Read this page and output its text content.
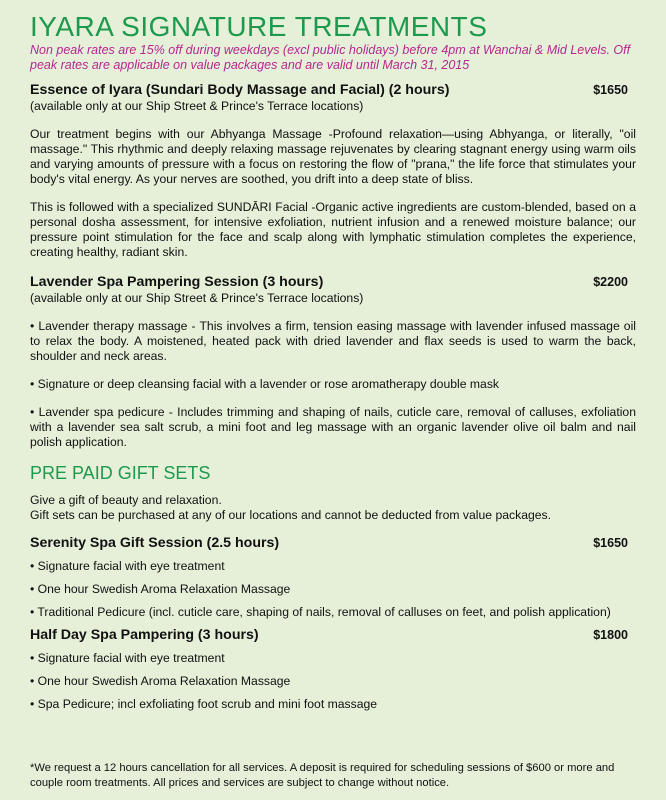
IYARA SIGNATURE TREATMENTS

Non peak rates are 15% off during weekdays (excl public holidays) before 4pm at Wanchai & Mid Levels. Off peak rates are applicable on value packages and are valid until March 31, 2015

Essence of Iyara (Sundari Body Massage and Facial) (2 hours)	$1650

(available only at our Ship Street & Prince's Terrace locations)

Our treatment begins with our Abhyanga Massage -Profound relaxation—using Abhyanga, or literally, "oil massage." This rhythmic and deeply relaxing massage rejuvenates by clearing stagnant energy using warm oils and varying amounts of pressure with a focus on restoring the flow of "prana," the life force that stimulates your body's vital energy. As your nerves are soothed, you drift into a deep state of bliss.

This is followed with a specialized SUNDĀRI Facial -Organic active ingredients are custom-blended, based on a personal dosha assessment, for intensive exfoliation, nutrient infusion and a renewed moisture balance; our pressure point stimulation for the face and scalp along with lymphatic stimulation completes the experience, creating healthy, radiant skin.

Lavender Spa Pampering Session (3 hours)	$2200

(available only at our Ship Street & Prince's Terrace locations)

• Lavender therapy massage - This involves a firm, tension easing massage with lavender infused massage oil to relax the body. A moistened, heated pack with dried lavender and flax seeds is used to warm the back, shoulder and neck areas.

• Signature or deep cleansing facial with a lavender or rose aromatherapy double mask

• Lavender spa pedicure - Includes trimming and shaping of nails, cuticle care, removal of calluses, exfoliation with a lavender sea salt scrub, a mini foot and leg massage with an organic lavender olive oil balm and nail polish application.

PRE PAID GIFT SETS

Give a gift of beauty and relaxation.

Gift sets can be purchased at any of our locations and cannot be deducted from value packages.

Serenity Spa Gift Session (2.5 hours)	$1650

• Signature facial with eye treatment

• One hour Swedish Aroma Relaxation Massage

• Traditional Pedicure (incl. cuticle care, shaping of nails, removal of calluses on feet, and polish application)

Half Day Spa Pampering (3 hours)	$1800

• Signature facial with eye treatment

• One hour Swedish Aroma Relaxation Massage

• Spa Pedicure; incl exfoliating foot scrub and mini foot massage

*We request a 12 hours cancellation for all services. A deposit is required for scheduling sessions of $600 or more and couple room treatments. All prices and services are subject to change without notice.
